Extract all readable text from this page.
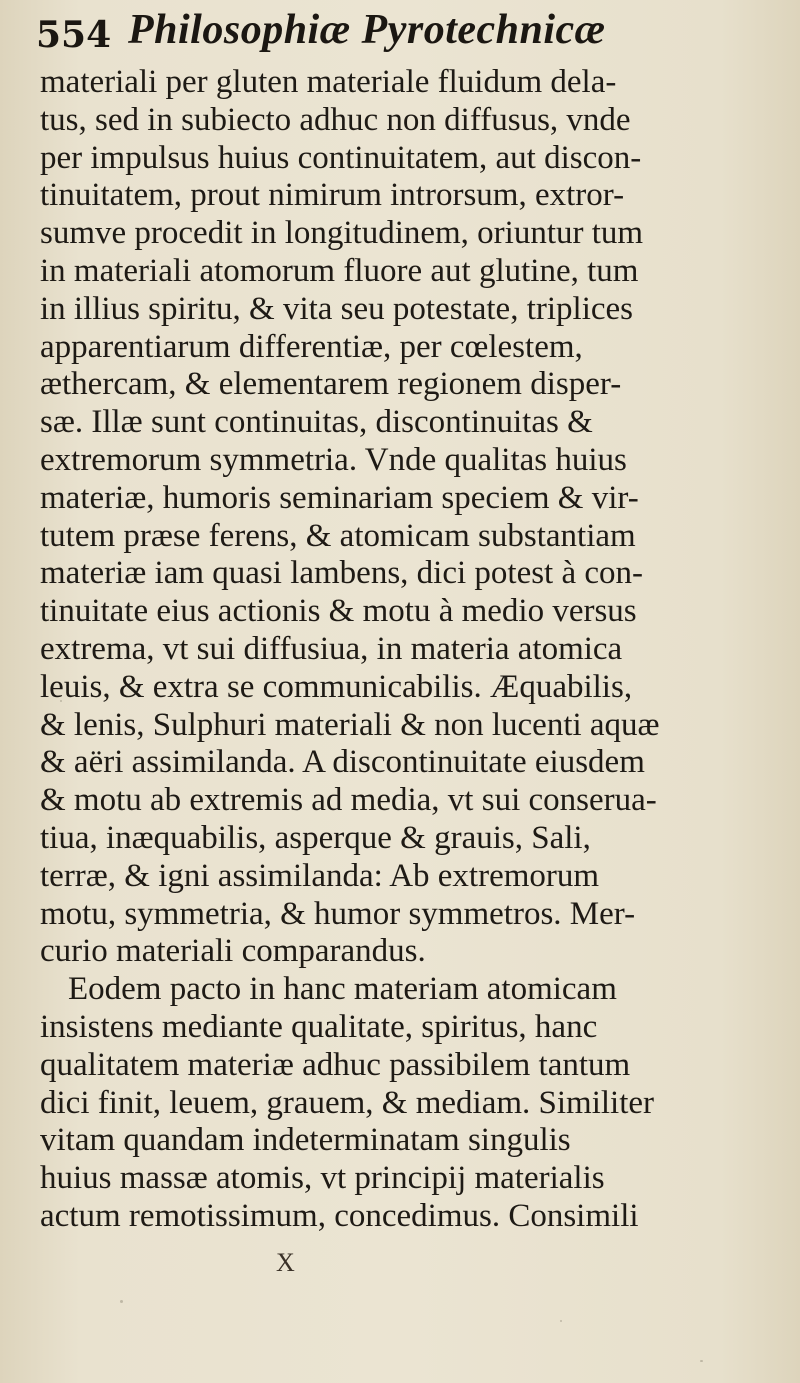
554 Philosophiæ Pyrotechnicæ
materiali per gluten materiale fluidum dela-
tus, sed in subiecto adhuc non diffusus, vnde
per impulsus huius continuitatem, aut discon-
tinuitatem, prout nimirum introrsum, extror-
sumve procedit in longitudinem, oriuntur tum
in materiali atomorum fluore aut glutine, tum
in illius spiritu, & vita seu potestate, triplices
apparentiarum differentiæ, per cœlestem,
æthercam, & elementarem regionem disper-
sæ. Illæ sunt continuitas, discontinuitas &
extremorum symmetria. Vnde qualitas huius
materiæ, humoris seminariam speciem & vir-
tutem præse ferens, & atomicam substantiam
materiæ iam quasi lambens, dici potest à con-
tinuitate eius actionis & motu à medio versus
extrema, vt sui diffusiua, in materia atomica
leuis, & extra se communicabilis. Æquabilis,
& lenis, Sulphuri materiali & non lucenti aquæ
& aëri assimilanda. A discontinuitate eiusdem
& motu ab extremis ad media, vt sui conserua-
tiua, inæquabilis, asperque & grauis, Sali,
terræ, & igni assimilanda: Ab extremorum
motu, symmetria, & humor symmetros. Mer-
curio materiali comparandus.
Eodem pacto in hanc materiam atomicam
insistens mediante qualitate, spiritus, hanc
qualitatem materiæ adhuc passibilem tantum
dici finit, leuem, grauem, & mediam. Similiter
vitam quandam indeterminatam singulis
huius massæ atomis, vt principij materialis
actum remotissimum, concedimus. Consimili
X
